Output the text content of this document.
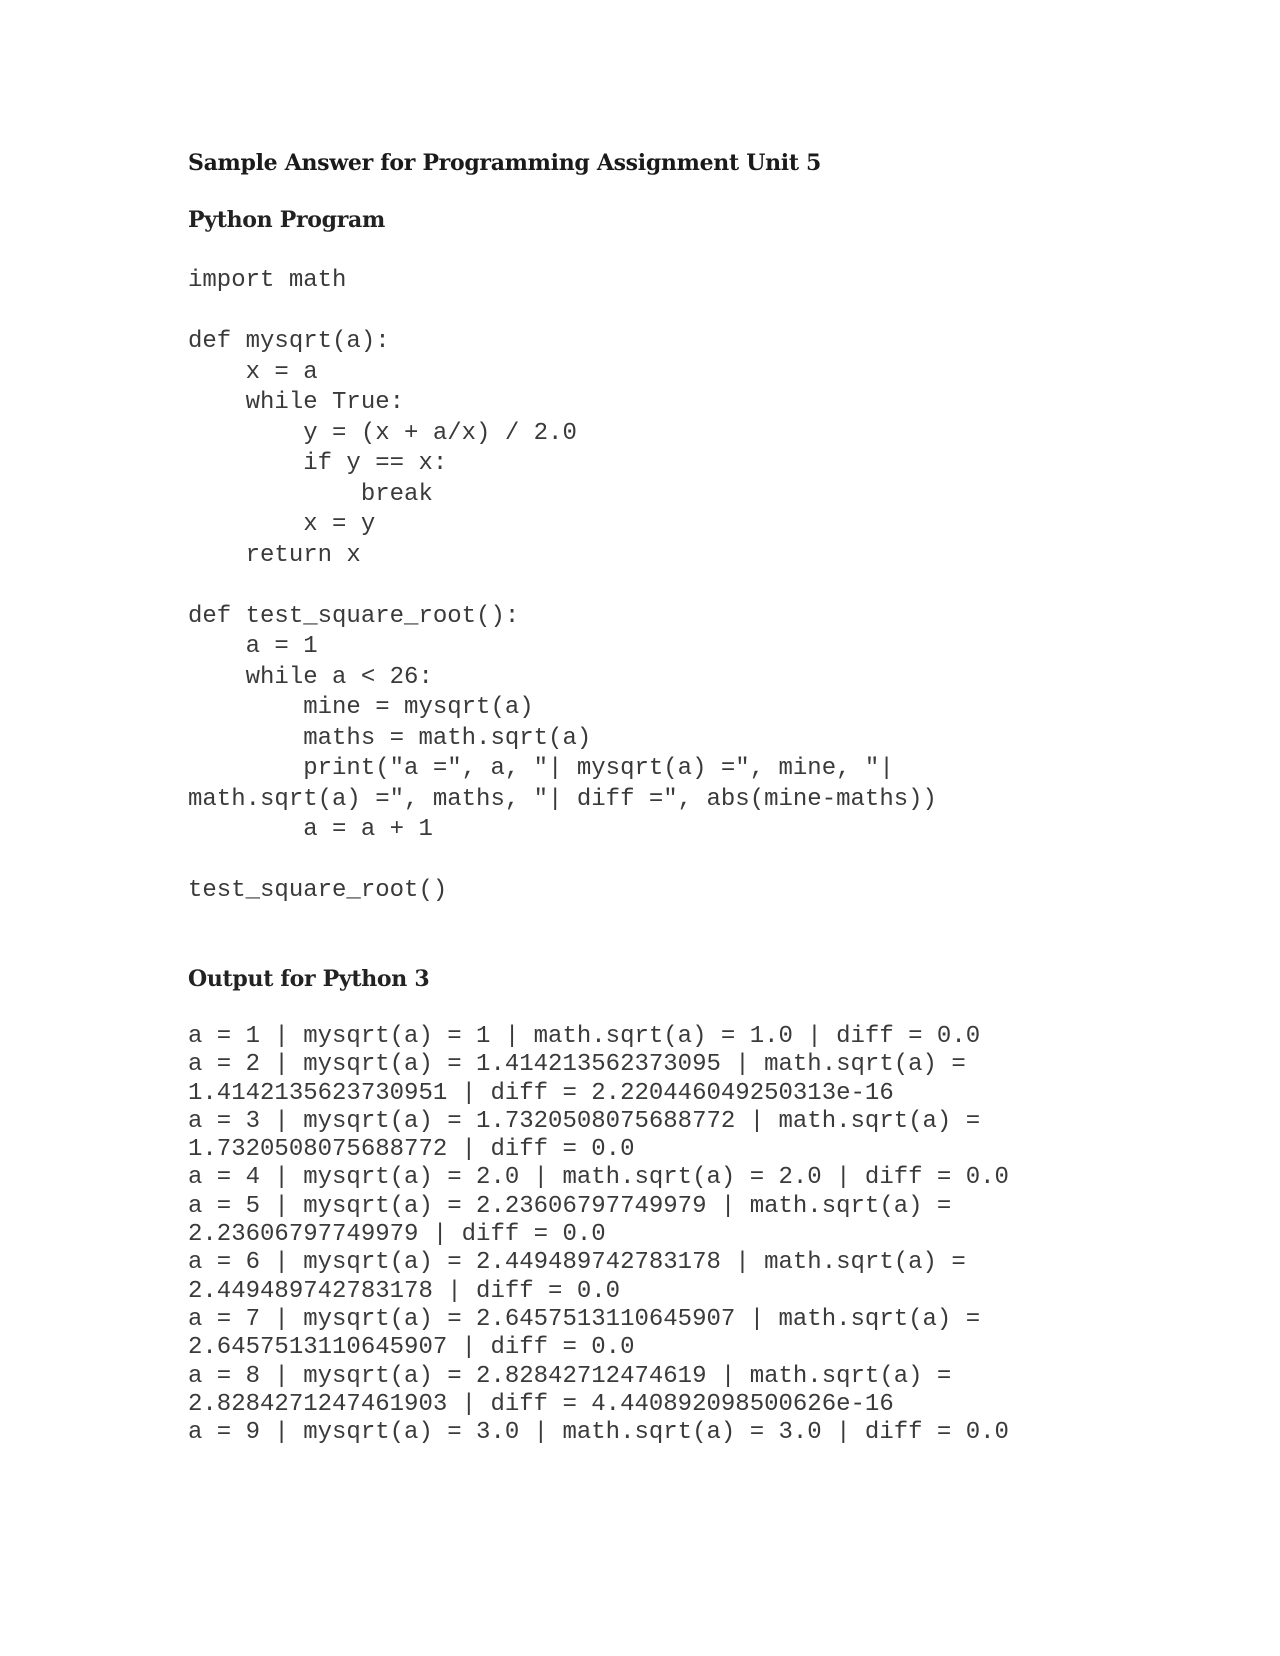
Sample Answer for Programming Assignment Unit 5
Python Program
import math

def mysqrt(a):
x = a
while True:
y = (x + a/x) / 2.0
if y == x:
break
x = y
return x

def test_square_root():
a = 1
while a < 26:
mine = mysqrt(a)
maths = math.sqrt(a)
print("a =", a, "| mysqrt(a) =", mine, "|
math.sqrt(a) =", maths, "| diff =", abs(mine-maths))
a = a + 1

test_square_root()
Output for Python 3
a = 1 | mysqrt(a) = 1 | math.sqrt(a) = 1.0 | diff = 0.0
a = 2 | mysqrt(a) = 1.414213562373095 | math.sqrt(a) =
1.4142135623730951 | diff = 2.220446049250313e-16
a = 3 | mysqrt(a) = 1.7320508075688772 | math.sqrt(a) =
1.7320508075688772 | diff = 0.0
a = 4 | mysqrt(a) = 2.0 | math.sqrt(a) = 2.0 | diff = 0.0
a = 5 | mysqrt(a) = 2.23606797749979 | math.sqrt(a) =
2.23606797749979 | diff = 0.0
a = 6 | mysqrt(a) = 2.449489742783178 | math.sqrt(a) =
2.449489742783178 | diff = 0.0
a = 7 | mysqrt(a) = 2.6457513110645907 | math.sqrt(a) =
2.6457513110645907 | diff = 0.0
a = 8 | mysqrt(a) = 2.82842712474619 | math.sqrt(a) =
2.8284271247461903 | diff = 4.440892098500626e-16
a = 9 | mysqrt(a) = 3.0 | math.sqrt(a) = 3.0 | diff = 0.0
